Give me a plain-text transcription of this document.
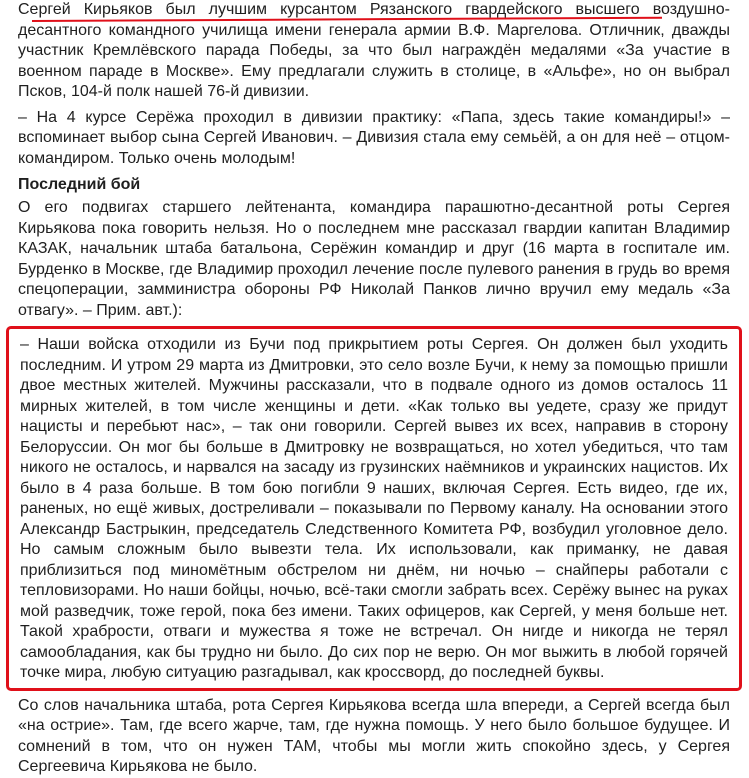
Сергей Кирьяков был лучшим курсантом Рязанского гвардейского высшего воздушно-десантного командного училища имени генерала армии В.Ф. Маргелова. Отличник, дважды участник Кремлёвского парада Победы, за что был награждён медалями «За участие в военном параде в Москве». Ему предлагали служить в столице, в «Альфе», но он выбрал Псков, 104-й полк нашей 76-й дивизии.

– На 4 курсе Серёжа проходил в дивизии практику: «Папа, здесь такие командиры!» – вспоминает выбор сына Сергей Иванович. – Дивизия стала ему семьёй, а он для неё – отцом-командиром. Только очень молодым!

Последний бой

О его подвигах старшего лейтенанта, командира парашютно-десантной роты Сергея Кирьякова пока говорить нельзя. Но о последнем мне рассказал гвардии капитан Владимир КАЗАК, начальник штаба батальона, Серёжин командир и друг (16 марта в госпитале им. Бурденко в Москве, где Владимир проходил лечение после пулевого ранения в грудь во время спецоперации, замминистра обороны РФ Николай Панков лично вручил ему медаль «За отвагу». – Прим. авт.):

– Наши войска отходили из Бучи под прикрытием роты Сергея. Он должен был уходить последним. И утром 29 марта из Дмитровки, это село возле Бучи, к нему за помощью пришли двое местных жителей. Мужчины рассказали, что в подвале одного из домов осталось 11 мирных жителей, в том числе женщины и дети. «Как только вы уедете, сразу же придут нацисты и перебьют нас», – так они говорили. Сергей вывез их всех, направив в сторону Белоруссии. Он мог бы больше в Дмитровку не возвращаться, но хотел убедиться, что там никого не осталось, и нарвался на засаду из грузинских наёмников и украинских нацистов. Их было в 4 раза больше. В том бою погибли 9 наших, включая Сергея. Есть видео, где их, раненых, но ещё живых, достреливали – показывали по Первому каналу. На основании этого Александр Бастрыкин, председатель Следственного Комитета РФ, возбудил уголовное дело. Но самым сложным было вывезти тела. Их использовали, как приманку, не давая приблизиться под миномётным обстрелом ни днём, ни ночью – снайперы работали с тепловизорами. Но наши бойцы, ночью, всё-таки смогли забрать всех. Серёжу вынес на руках мой разведчик, тоже герой, пока без имени. Таких офицеров, как Сергей, у меня больше нет. Такой храбрости, отваги и мужества я тоже не встречал. Он нигде и никогда не терял самообладания, как бы трудно ни было. До сих пор не верю. Он мог выжить в любой горячей точке мира, любую ситуацию разгадывал, как кроссворд, до последней буквы.

Со слов начальника штаба, рота Сергея Кирьякова всегда шла впереди, а Сергей всегда был «на острие». Там, где всего жарче, там, где нужна помощь. У него было большое будущее. И сомнений в том, что он нужен ТАМ, чтобы мы могли жить спокойно здесь, у Сергея Сергеевича Кирьякова не было.
